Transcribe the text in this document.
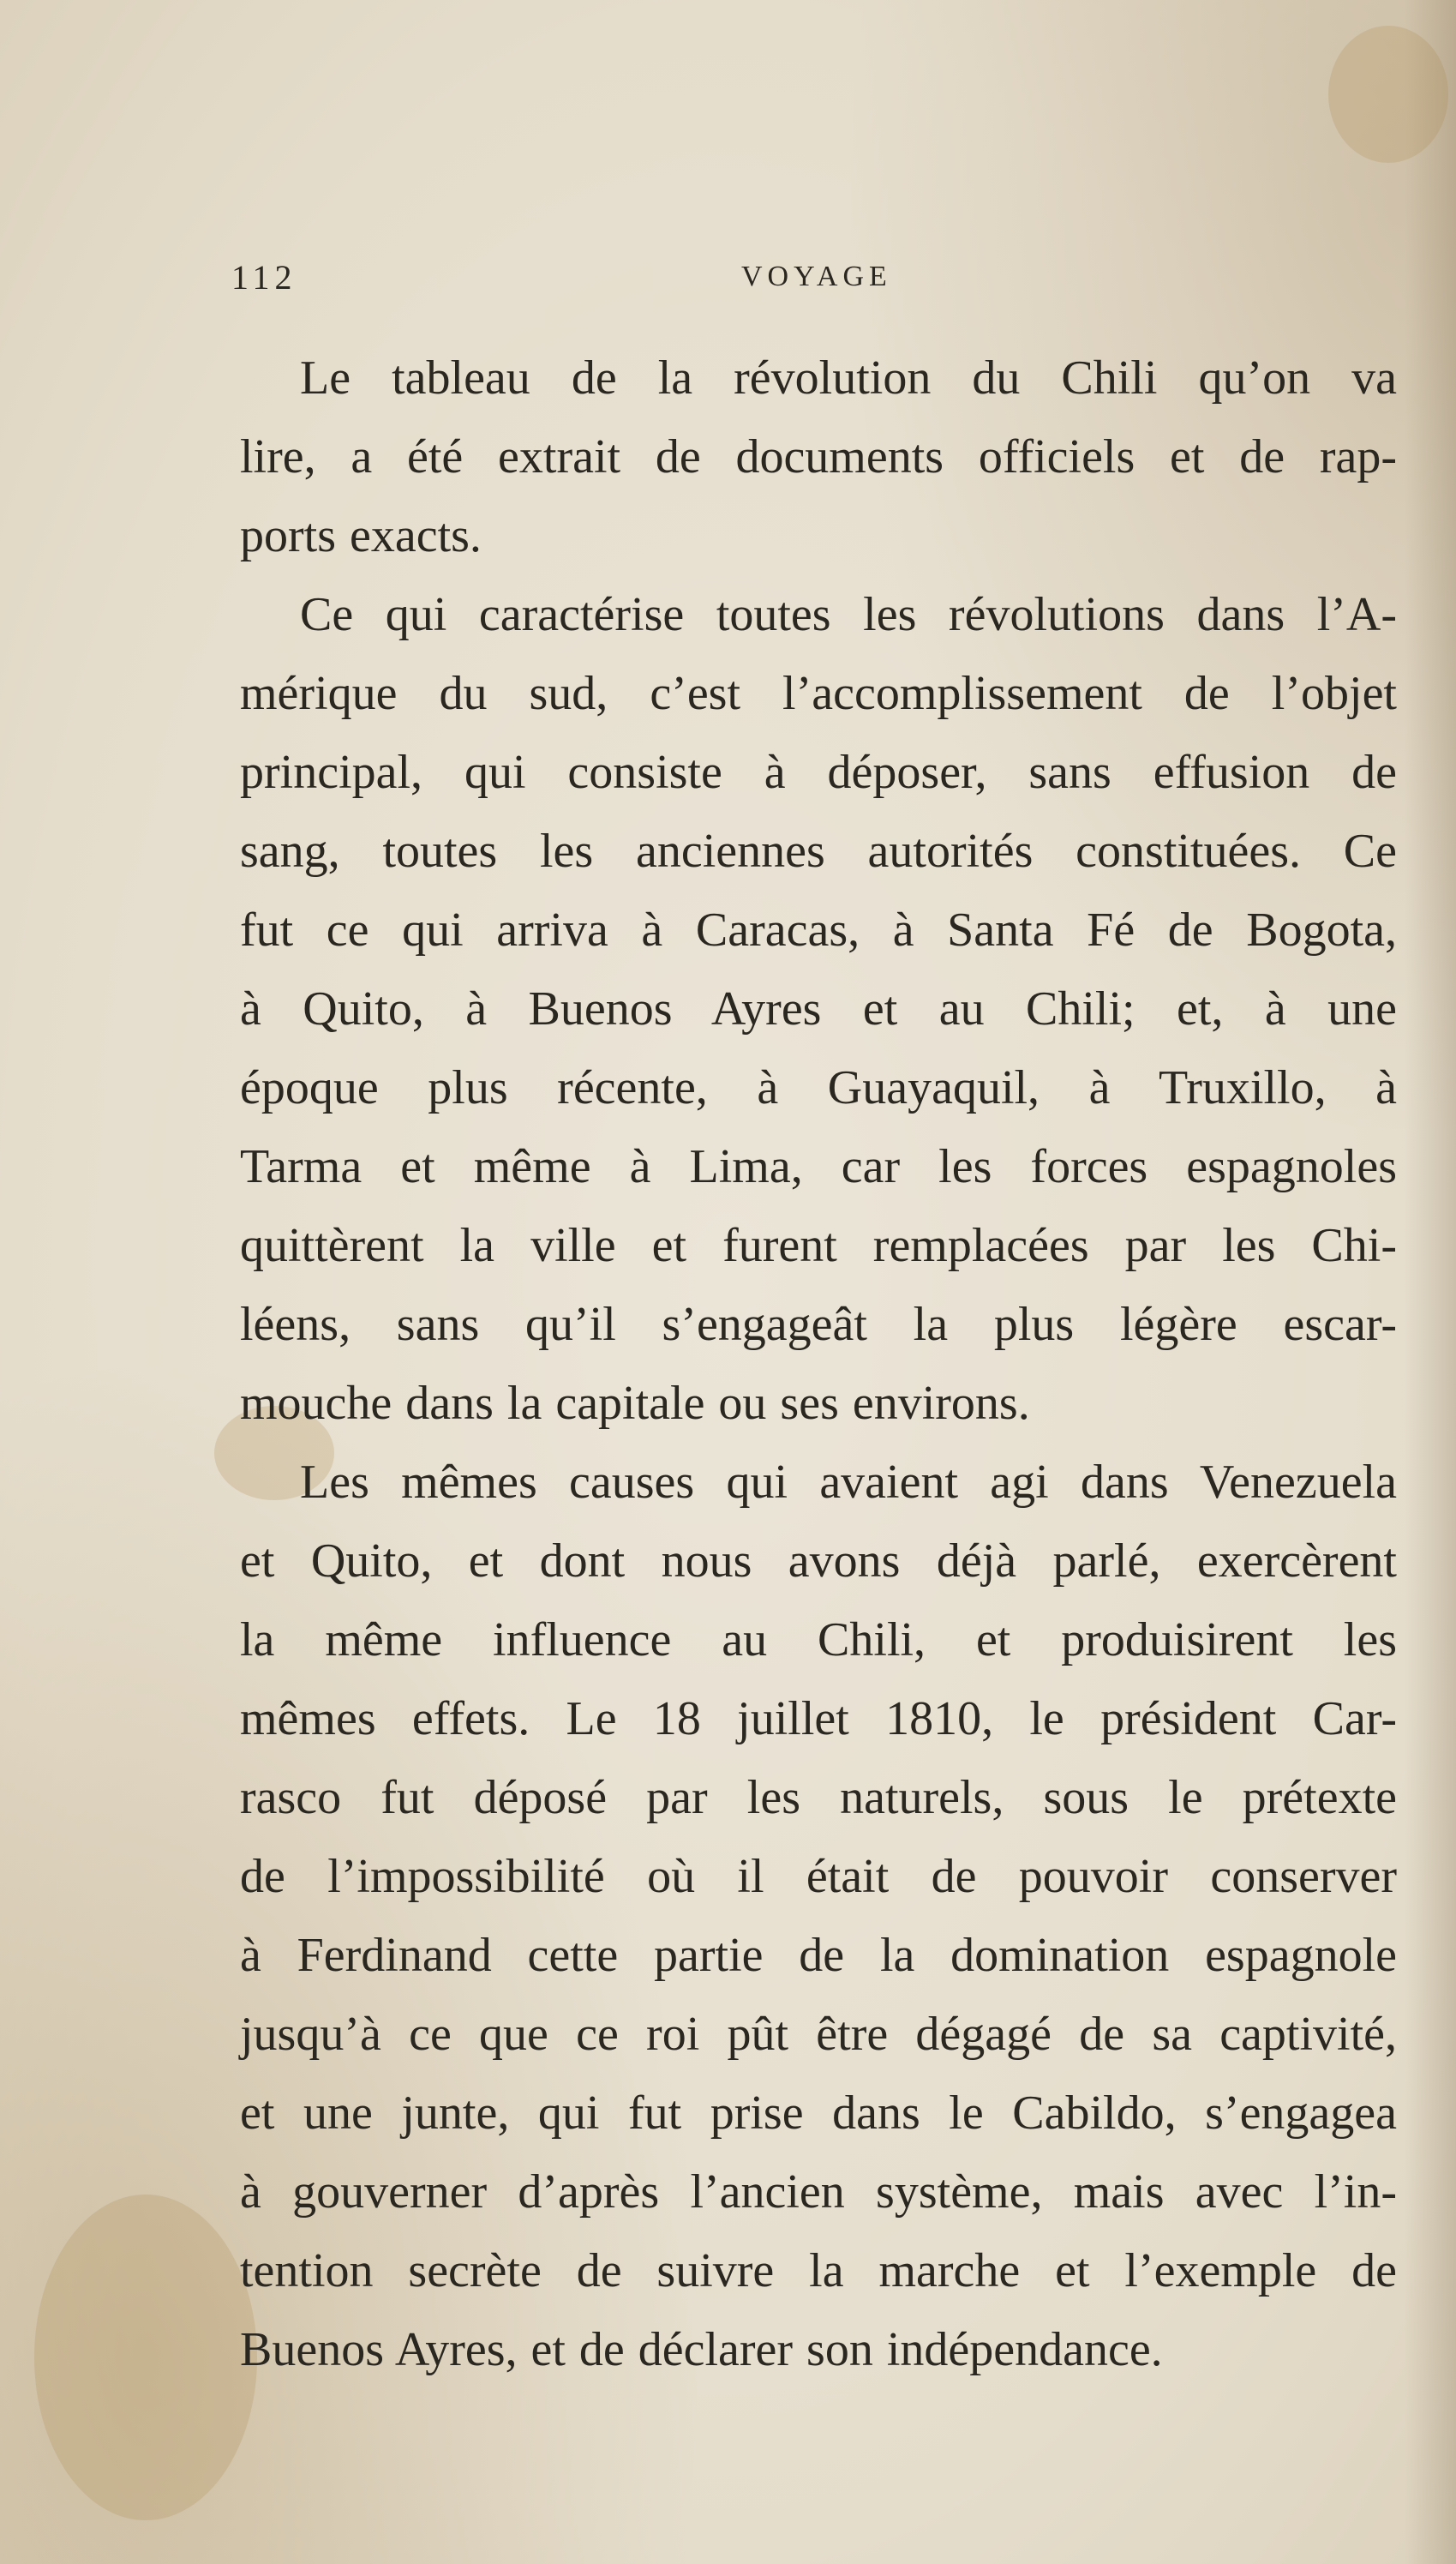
112	VOYAGE
Le tableau de la révolution du Chili qu’on va
lire, a été extrait de documents officiels et de rap-
ports exacts.
Ce qui caractérise toutes les révolutions dans l’A-
mérique du sud, c’est l’accomplissement de l’objet
principal, qui consiste à déposer, sans effusion de
sang, toutes les anciennes autorités constituées. Ce
fut ce qui arriva à Caracas, à Santa Fé de Bogota,
à Quito, à Buenos Ayres et au Chili; et, à une
époque plus récente, à Guayaquil, à Truxillo, à
Tarma et même à Lima, car les forces espagnoles
quittèrent la ville et furent remplacées par les Chi-
léens, sans qu’il s’engageât la plus légère escar-
mouche dans la capitale ou ses environs.
Les mêmes causes qui avaient agi dans Venezuela
et Quito, et dont nous avons déjà parlé, exercèrent
la même influence au Chili, et produisirent les
mêmes effets. Le 18 juillet 1810, le président Car-
rasco fut déposé par les naturels, sous le prétexte
de l’impossibilité où il était de pouvoir conserver
à Ferdinand cette partie de la domination espagnole
jusqu’à ce que ce roi pût être dégagé de sa captivité,
et une junte, qui fut prise dans le Cabildo, s’engagea
à gouverner d’après l’ancien système, mais avec l’in-
tention secrète de suivre la marche et l’exemple de
Buenos Ayres, et de déclarer son indépendance.
